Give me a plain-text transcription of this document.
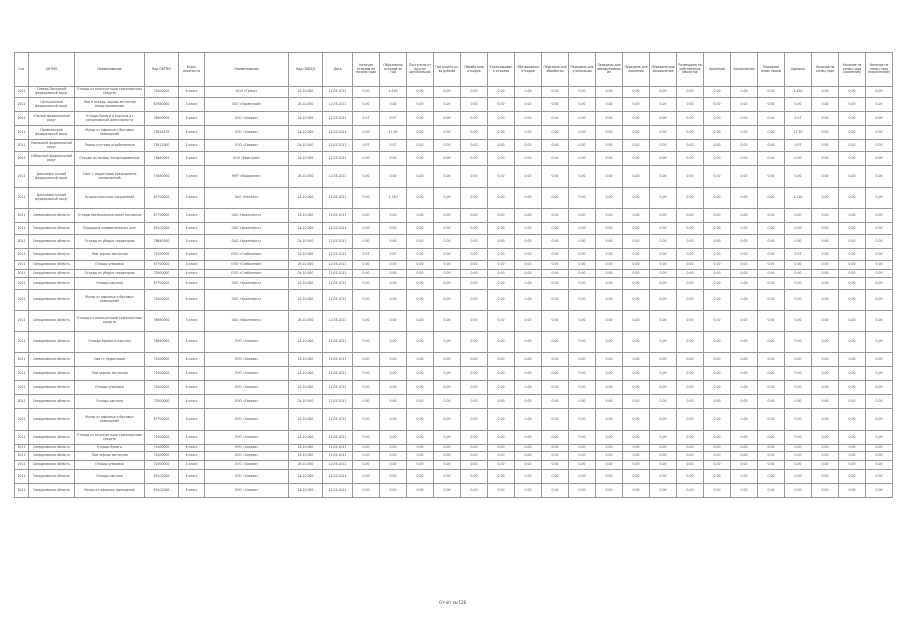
Год	ОКТМО	Наименование	Код ОКТМО	Класс опасности	Наименование	Код ОКВЭД	Дата	Наличие отходов на начало года	Образовано отходов за год	Поступило от других организаций	Поступило из-за рубежа	Обработано отходов	Утилизировано отходов	Обезврежено отходов	Передано для обработки	Передано для утилизации	Передано для обезвреживания	Передано для хранения	Передано для захоронения	Размещено на собственных объектах	Хранение	Захоронение	Передано иным лицам	Удалено	Наличие на конец года	Наличие на конец года (хранение)	Наличие на конец года (накопление)
2011	Северо-Западный федеральный округ	Отходы от эксплуатации транспортных средств	72000000	4 класс	ООО «Транс»	24.10.000	12.03.2011	0.00	1.430	0.00	0.00	0.00	0.00	0.00	0.00	0.00	0.00	0.00	0.00	0.00	0.00	0.00	0.00	1.430	0.00	0.00	0.00
2011	Центральный федеральный округ	Лом и отходы черных металлов несортированные	87640000	3 класс	ОАО «Промстрой»	24.10.000	12.03.2011	0.00	0.00	0.00	0.00	0.00	0.00	0.00	0.00	0.00	0.00	0.00	0.00	0.00	0.00	0.00	0.00	0.00	0.00	0.00	0.00
2011	Южный федеральный округ	Отходы бумаги и картона от канцелярской деятельности	78000000	4 класс	ООО «Сервис»	24.10.000	12.03.2011	0.07	0.07	0.00	0.00	0.00	0.00	0.00	0.00	0.00	0.00	0.00	0.00	0.00	0.00	0.00	0.00	0.07	0.00	0.00	0.00
2011	Приволжский федеральный округ	Мусор от офисных и бытовых помещений	73614478	4 класс	ООО «Сервис»	24.10.000	12.03.2011	0.00	17.30	0.00	0.00	0.00	0.00	0.00	0.00	0.00	0.00	0.00	0.00	0.00	0.00	0.00	0.00	17.30	0.00	0.00	0.00
2011	Уральский федеральный округ	Лампы ртутные отработанные	73412000	1 класс	ООО «Сервис»	24.10.000	12.03.2011	0.07	0.07	0.00	0.00	0.00	0.00	0.00	0.00	0.00	0.00	0.00	0.00	0.00	0.00	0.00	0.00	0.07	0.00	0.00	0.00
2011	Сибирский федеральный округ	Отходы из жилищ несортированные	78640000	4 класс	ООО «Ремстрой»	24.10.000	12.03.2011	0.00	0.00	0.00	0.00	0.00	0.00	0.00	0.00	0.00	0.00	0.00	0.00	0.00	0.00	0.00	0.00	0.00	0.00	0.00	0.00
2011	Дальневосточный федеральный округ	Смет с территории предприятия малоопасный	73640000	5 класс	МУП «Водоканал»	24.10.000	12.03.2011	0.00	0.00	0.00	0.00	0.00	0.00	0.00	0.00	0.00	0.00	0.00	0.00	0.00	0.00	0.00	0.00	0.00	0.00	0.00	0.00
2011	Дальневосточный федеральный округ	Осадки очистных сооружений	87700000	3 класс	ЗАО «Металл»	24.10.000	12.03.2011	0.00	1.130	0.00	0.00	0.00	0.00	0.00	0.00	0.00	0.00	0.00	0.00	0.00	0.00	0.00	0.00	1.130	0.00	0.00	0.00
2011	Свердловская область	Отходы минеральных масел моторных	87700000	3 класс	ОАО «Уралнефть»	24.10.000	12.03.2011	0.00	0.00	0.00	0.00	0.00	0.00	0.00	0.00	0.00	0.00	0.00	0.00	0.00	0.00	0.00	0.00	0.00	0.00	0.00	0.00
2011	Свердловская область	Покрышки пневматических шин	65101000	4 класс	ОАО «Уралнефть»	24.10.000	12.03.2011	0.00	0.00	0.00	0.00	0.00	0.00	0.00	0.00	0.00	0.00	0.00	0.00	0.00	0.00	0.00	0.00	0.00	0.00	0.00	0.00
2011	Свердловская область	Отходы от уборки территории	78640000	3 класс	ОАО «Уралнефть»	24.10.000	12.03.2011	0.00	0.00	0.00	0.00	0.00	0.00	0.00	0.00	0.00	0.00	0.00	0.00	0.00	0.00	0.00	0.00	0.00	0.00	0.00	0.00
2011	Свердловская область	Лом черных металлов	72000000	4 класс	ООО «Снабжение»	24.10.000	12.03.2011	0.07	0.07	0.00	0.00	0.00	0.00	0.00	0.00	0.00	0.00	0.00	0.00	0.00	0.00	0.00	0.00	0.07	0.00	0.00	0.00
2011	Свердловская область	Отходы упаковки	87700000	3 класс	ООО «Снабжение»	24.10.000	12.03.2011	0.00	0.00	0.00	0.00	0.00	0.00	0.00	0.00	0.00	0.00	0.00	0.00	0.00	0.00	0.00	0.00	0.00	0.00	0.00	0.00
2011	Свердловская область	Отходы от уборки территории	72000000	4 класс	ООО «Снабжение»	24.10.000	12.03.2011	0.00	0.00	0.00	0.00	0.00	0.00	0.00	0.00	0.00	0.00	0.00	0.00	0.00	0.00	0.00	0.00	0.00	0.00	0.00	0.00
2011	Свердловская область	Отходы картона	87700000	4 класс	ОАО «Уралнефть»	24.10.000	12.03.2011	0.00	0.00	0.00	0.00	0.00	0.00	0.00	0.00	0.00	0.00	0.00	0.00	0.00	0.00	0.00	0.00	0.00	0.00	0.00	0.00
2011	Свердловская область	Мусор от офисных и бытовых помещений	72000000	4 класс	ОАО «Уралнефть»	24.10.000	12.03.2011	0.00	0.00	0.00	0.00	0.00	0.00	0.00	0.00	0.00	0.00	0.00	0.00	0.00	0.00	0.00	0.00	0.00	0.00	0.00	0.00
2011	Свердловская область	Отходы от эксплуатации транспортных средств	78640000	3 класс	ОАО «Уралнефть»	24.10.000	12.03.2011	0.00	0.00	0.00	0.00	0.00	0.00	0.00	0.00	0.00	0.00	0.00	0.00	0.00	0.00	0.00	0.00	0.00	0.00	0.00	0.00
2011	Свердловская область	Отходы бумаги и картона	78640000	4 класс	ООО «Сервис»	24.10.000	12.03.2011	0.00	0.00	0.00	0.00	0.00	0.00	0.00	0.00	0.00	0.00	0.00	0.00	0.00	0.00	0.00	0.00	0.00	0.00	0.00	0.00
2011	Свердловская область	Смет с территории	72000000	4 класс	ООО «Сервис»	24.10.000	12.03.2011	0.00	0.00	0.00	0.00	0.00	0.00	0.00	0.00	0.00	0.00	0.00	0.00	0.00	0.00	0.00	0.00	0.00	0.00	0.00	0.00
2011	Свердловская область	Лом черных металлов	72000000	4 класс	ООО «Сервис»	24.10.000	12.03.2011	0.00	0.00	0.00	0.00	0.00	0.00	0.00	0.00	0.00	0.00	0.00	0.00	0.00	0.00	0.00	0.00	0.00	0.00	0.00	0.00
2011	Свердловская область	Отходы упаковки	72000000	4 класс	ООО «Сервис»	24.10.000	12.03.2011	0.00	0.00	0.00	0.00	0.00	0.00	0.00	0.00	0.00	0.00	0.00	0.00	0.00	0.00	0.00	0.00	0.00	0.00	0.00	0.00
2011	Свердловская область	Отходы картона	72000000	4 класс	ООО «Сервис»	24.10.000	12.03.2011	0.00	0.00	0.00	0.00	0.00	0.00	0.00	0.00	0.00	0.00	0.00	0.00	0.00	0.00	0.00	0.00	0.00	0.00	0.00	0.00
2011	Свердловская область	Мусор от офисных и бытовых помещений	87700000	3 класс	ООО «Сервис»	24.10.000	12.03.2011	0.00	0.00	0.00	0.00	0.00	0.00	0.00	0.00	0.00	0.00	0.00	0.00	0.00	0.00	0.00	0.00	0.00	0.00	0.00	0.00
2011	Свердловская область	Отходы от эксплуатации транспортных средств	72000000	4 класс	ООО «Сервис»	24.10.000	12.03.2011	0.00	0.00	0.00	0.00	0.00	0.00	0.00	0.00	0.00	0.00	0.00	0.00	0.00	0.00	0.00	0.00	0.00	0.00	0.00	0.00
2011	Свердловская область	Отходы бумаги	72000000	4 класс	ООО «Сервис»	24.10.000	12.03.2011	0.00	0.00	0.00	0.00	0.00	0.00	0.00	0.00	0.00	0.00	0.00	0.00	0.00	0.00	0.00	0.00	0.00	0.00	0.00	0.00
2011	Свердловская область	Лом черных металлов	72000000	4 класс	ООО «Сервис»	24.10.000	12.03.2011	0.00	0.00	0.00	0.00	0.00	0.00	0.00	0.00	0.00	0.00	0.00	0.00	0.00	0.00	0.00	0.00	0.00	0.00	0.00	0.00
2011	Свердловская область	Отходы упаковки	72000000	4 класс	ООО «Сервис»	24.10.000	12.03.2011	0.00	0.00	0.00	0.00	0.00	0.00	0.00	0.00	0.00	0.00	0.00	0.00	0.00	0.00	0.00	0.00	0.00	0.00	0.00	0.00
2011	Свердловская область	Отходы картона	65101000	4 класс	ООО «Сервис»	24.10.000	12.03.2011	0.00	0.00	0.00	0.00	0.00	0.00	0.00	0.00	0.00	0.00	0.00	0.00	0.00	0.00	0.00	0.00	0.00	0.00	0.00	0.00
2011	Свердловская область	Мусор от офисных помещений	65101000	4 класс	ООО «Сервис»	24.10.000	12.03.2011	0.00	0.00	0.00	0.00	0.00	0.00	0.00	0.00	0.00	0.00	0.00	0.00	0.00	0.00	0.00	0.00	0.00	0.00	0.00	0.00
Отчёт №-128
